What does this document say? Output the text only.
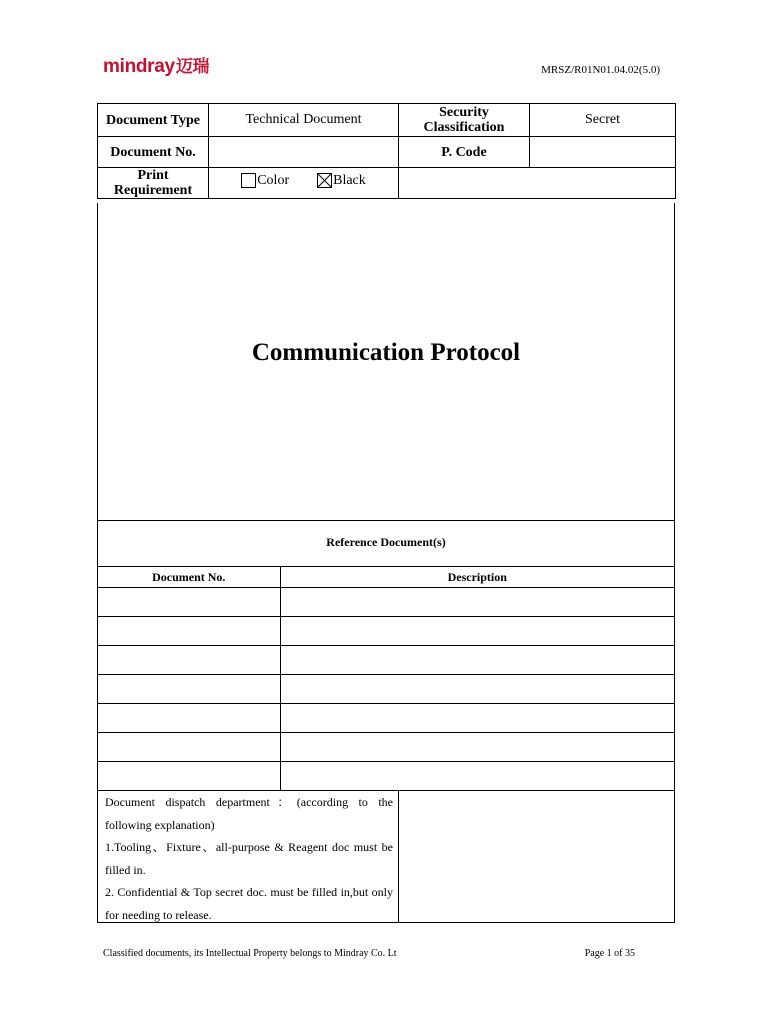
mindray迈瑞	MRSZ/R01N01.04.02(5.0)
Document Type	Technical Document	Security Classification	Secret
Document No.		P. Code	
Print Requirement	Color Black		

Communication Protocol
Reference Document(s)
Document No.	Description

Document dispatch department：(according to the following explanation)

1.Tooling、Fixture、all-purpose & Reagent doc must be filled in.

2. Confidential & Top secret doc. must be filled in,but only for needing to release.

Classified documents, its Intellectual Property belongs to Mindray Co. Lt	Page 1 of 35
